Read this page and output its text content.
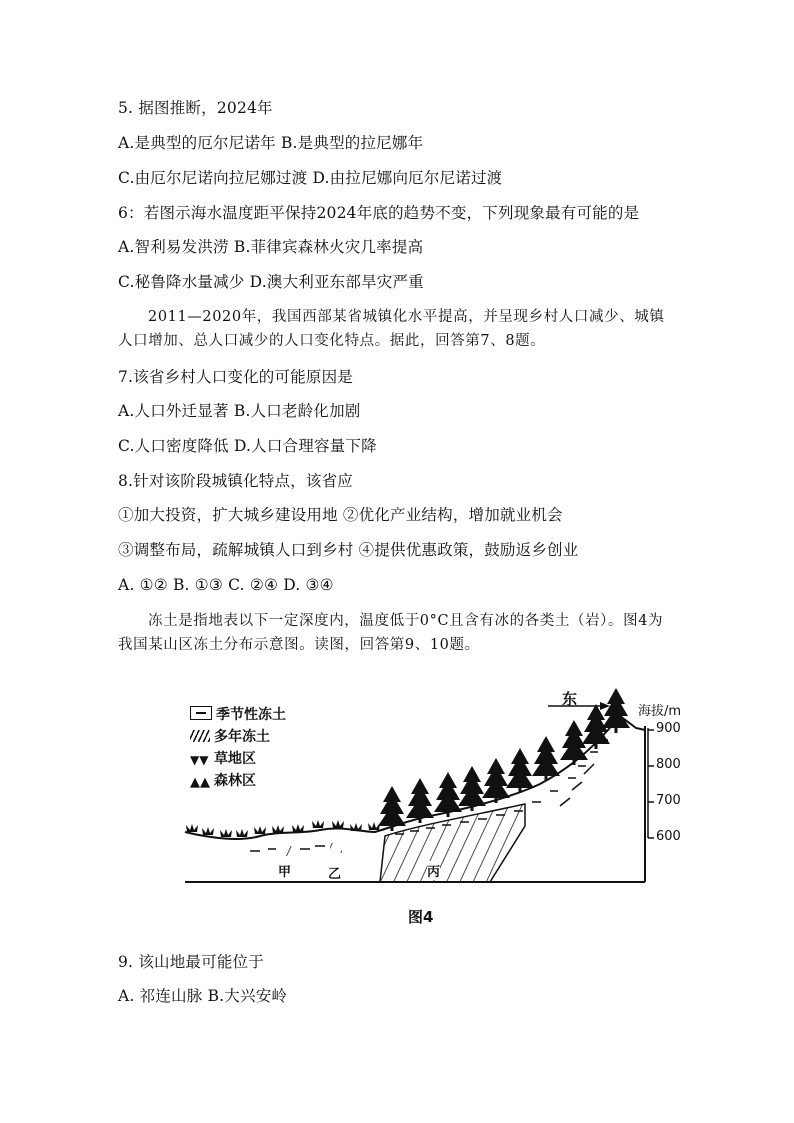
5. 据图推断，2024年
A.是典型的厄尔尼诺年 B.是典型的拉尼娜年
C.由厄尔尼诺向拉尼娜过渡 D.由拉尼娜向厄尔尼诺过渡
6：若图示海水温度距平保持2024年底的趋势不变，下列现象最有可能的是
A.智利易发洪涝 B.菲律宾森林火灾几率提高
C.秘鲁降水量减少 D.澳大利亚东部旱灾严重
2011—2020年，我国西部某省城镇化水平提高，并呈现乡村人口减少、城镇人口增加、总人口减少的人口变化特点。据此，回答第7、8题。
7.该省乡村人口变化的可能原因是
A.人口外迁显著 B.人口老龄化加剧
C.人口密度降低 D.人口合理容量下降
8.针对该阶段城镇化特点，该省应
①加大投资，扩大城乡建设用地 ②优化产业结构，增加就业机会
③调整布局，疏解城镇人口到乡村 ④提供优惠政策，鼓励返乡创业
A. ①② B. ①③ C. ②④ D. ③④
冻土是指地表以下一定深度内，温度低于0°C且含有冰的各类土（岩）。图4为我国某山区冻土分布示意图。读图，回答第9、10题。
季节性冻土
多年冻土
▼▼ 草地区
▲▲ 森林区
东
海拔/m
900
800
700
600
甲	乙	丙
图4
9. 该山地最可能位于
A. 祁连山脉 B.大兴安岭
